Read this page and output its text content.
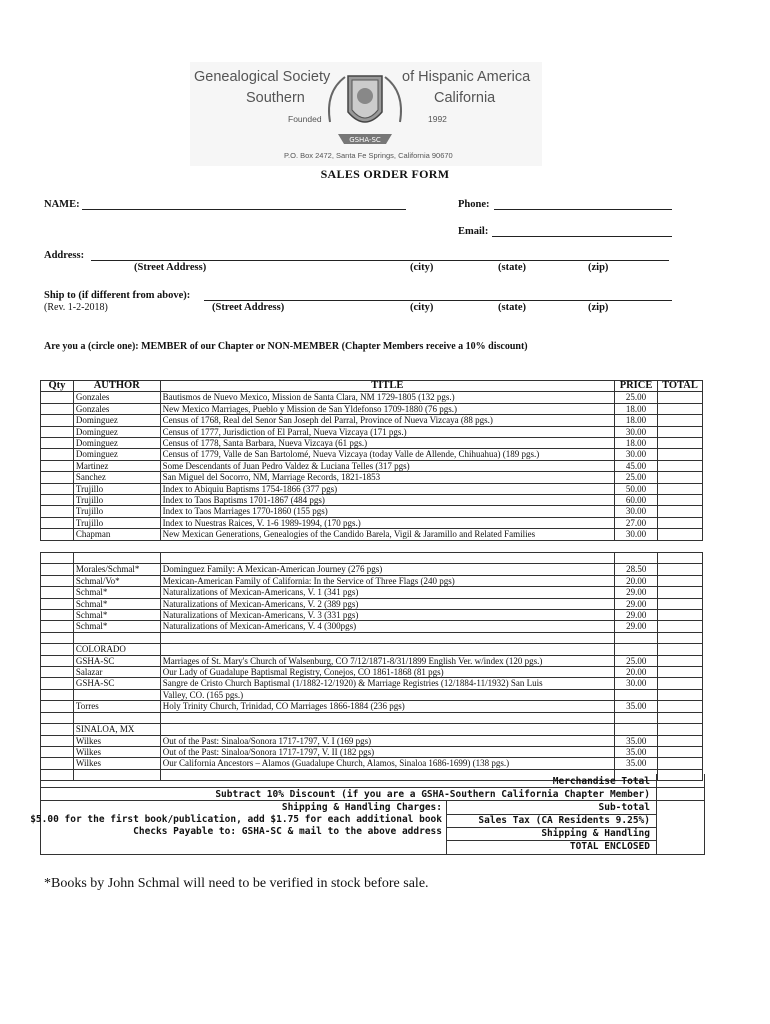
Genealogical Society	of Hispanic America
Southern	California
Founded	1992
GSHA-SC
P.O. Box 2472, Santa Fe Springs, California 90670
SALES ORDER FORM
NAME:	Phone:
Email:
Address:
(Street Address)	(city)	(state)	(zip)
Ship to (if different from above):
(Rev. 1-2-2018)	(Street Address)	(city)	(state)	(zip)
Are you a (circle one): MEMBER of our Chapter or NON-MEMBER (Chapter Members receive a 10% discount)
Qty	AUTHOR	TITLE	PRICE	TOTAL
	Gonzales	Bautismos de Nuevo Mexico, Mission de Santa Clara, NM 1729-1805 (132 pgs.)	25.00	
	Gonzales	New Mexico Marriages, Pueblo y Mission de San Yldefonso 1709-1880 (76 pgs.)	18.00	
	Dominguez	Census of 1768, Real del Senor San Joseph del Parral, Province of Nueva Vizcaya (88 pgs.)	18.00	
	Dominguez	Census of 1777, Jurisdiction of El Parral, Nueva Vizcaya (171 pgs.)	30.00	
	Dominguez	Census of 1778, Santa Barbara, Nueva Vizcaya (61 pgs.)	18.00	
	Dominguez	Census of 1779, Valle de San Bartolomé, Nueva Vizcaya (today Valle de Allende, Chihuahua) (189 pgs.)	30.00	
	Martinez	Some Descendants of Juan Pedro Valdez & Luciana Telles (317 pgs)	45.00	
	Sanchez	San Miguel del Socorro, NM, Marriage Records, 1821-1853	25.00	
	Trujillo	Index to Abiquiu Baptisms 1754-1866 (377 pgs)	50.00	
	Trujillo	Index to Taos Baptisms 1701-1867 (484 pgs)	60.00	
	Trujillo	Index to Taos Marriages 1770-1860 (155 pgs)	30.00	
	Trujillo	Index to Nuestras Raices, V. 1-6 1989-1994, (170 pgs.)	27.00	
	Chapman	New Mexican Generations, Genealogies of the Candido Barela, Vigil & Jaramillo and Related Families	30.00	

	Morales/Schmal*	Dominguez Family: A Mexican-American Journey (276 pgs)	28.50	
	Schmal/Vo*	Mexican-American Family of California: In the Service of Three Flags (240 pgs)	20.00	
	Schmal*	Naturalizations of Mexican-Americans, V. 1 (341 pgs)	29.00	
	Schmal*	Naturalizations of Mexican-Americans, V. 2 (389 pgs)	29.00	
	Schmal*	Naturalizations of Mexican-Americans, V. 3 (331 pgs)	29.00	
	Schmal*	Naturalizations of Mexican-Americans, V. 4 (300pgs)	29.00	

	COLORADO			
	GSHA-SC	Marriages of St. Mary's Church of Walsenburg, CO 7/12/1871-8/31/1899 English Ver. w/index (120 pgs.)	25.00	
	Salazar	Our Lady of Guadalupe Baptismal Registry, Conejos, CO 1861-1868 (81 pgs)	20.00	
	GSHA-SC	Sangre de Cristo Church Baptismal (1/1882-12/1920) & Marriage Registries (12/1884-11/1932) San Luis	30.00	
		Valley, CO. (165 pgs.)		
	Torres	Holy Trinity Church, Trinidad, CO Marriages 1866-1884 (236 pgs)	35.00	

	SINALOA, MX			
	Wilkes	Out of the Past: Sinaloa/Sonora 1717-1797, V. I (169 pgs)	35.00	
	Wilkes	Out of the Past: Sinaloa/Sonora 1717-1797, V. II (182 pgs)	35.00	
	Wilkes	Our California Ancestors – Alamos (Guadalupe Church, Alamos, Sinaloa 1686-1699) (138 pgs.)	35.00	

Merchandise Total
Subtract 10% Discount (if you are a GSHA-Southern California Chapter Member)
Shipping & Handling Charges:
$5.00 for the first book/publication, add $1.75 for each additional book
Checks Payable to: GSHA-SC & mail to the above address
Sub-total
Sales Tax (CA Residents 9.25%)
Shipping & Handling
TOTAL ENCLOSED
*Books by John Schmal will need to be verified in stock before sale.
